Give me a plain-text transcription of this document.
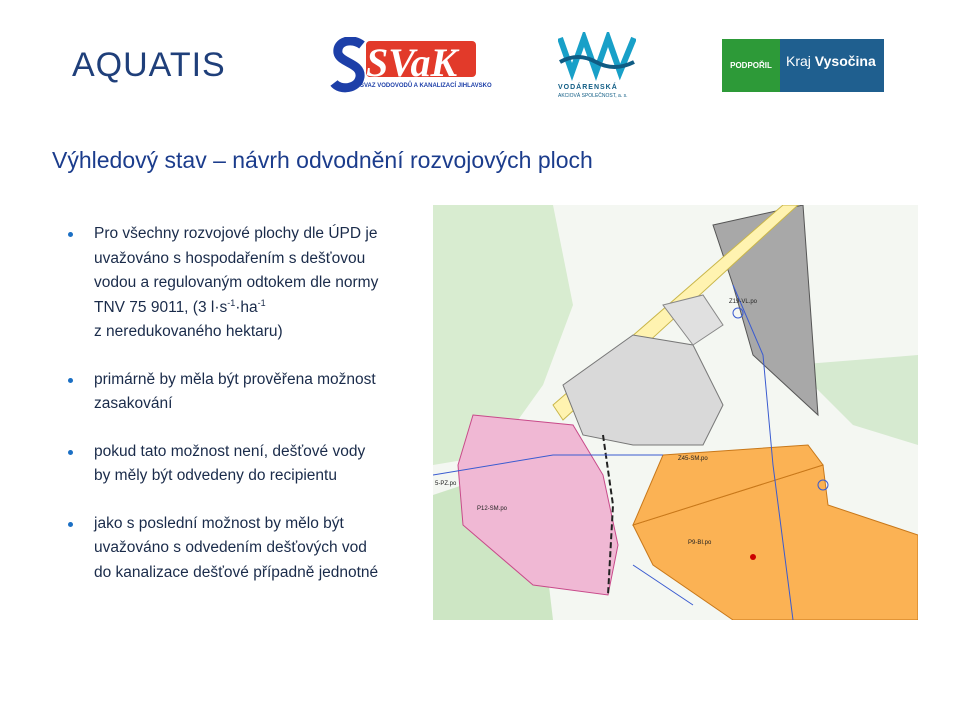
AQUATIS	SVaK
SVAZ VODOVODŮ A KANALIZACÍ JIHLAVSKO	VODÁRENSKÁ
AKCIOVÁ SPOLEČNOST, a. s.
PODPOŘIL	Kraj Vysočina
Výhledový stav – návrh odvodnění rozvojových ploch
Pro všechny rozvojové plochy dle ÚPD je
uvažováno s hospodařením s dešťovou
vodou a regulovaným odtokem dle normy
TNV 75 9011, (3 $l\cdot s^{-1}\cdot ha^{-1}$
z neredukovaného hektaru)
primárně by měla být prověřena možnost
zasakování
pokud tato možnost není, dešťové vody
by měly být odvedeny do recipientu
jako s poslední možnost by mělo být
uvažováno s odvedením dešťových vod
do kanalizace dešťové případně jednotné
Z19-VL.po
Z45-SM.po
P12-SM.po
P9-BI.po
5-PZ.po
